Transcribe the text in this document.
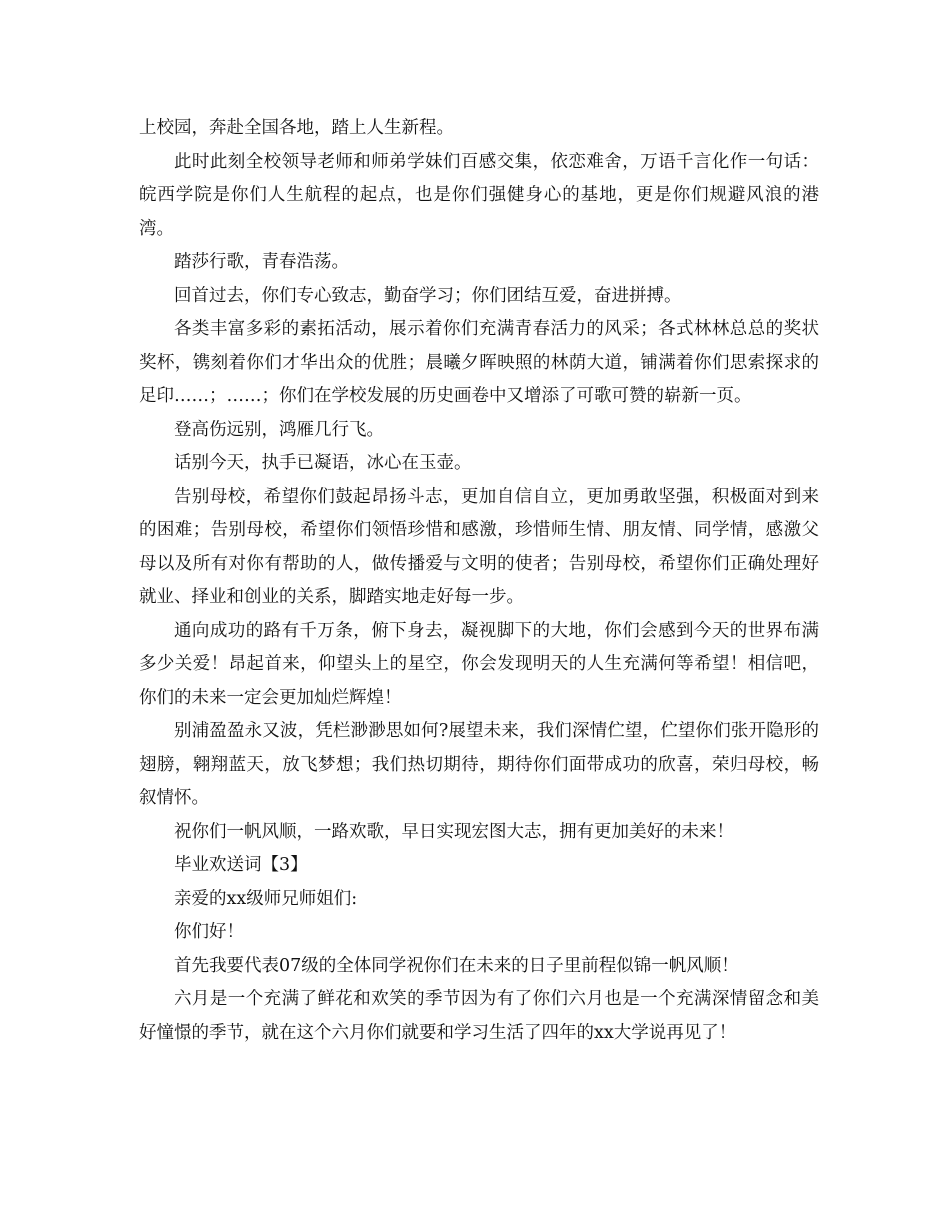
上校园，奔赴全国各地，踏上人生新程。

此时此刻全校领导老师和师弟学妹们百感交集，依恋难舍，万语千言化作一句话：皖西学院是你们人生航程的起点，也是你们强健身心的基地，更是你们规避风浪的港湾。

踏莎行歌，青春浩荡。

回首过去，你们专心致志，勤奋学习；你们团结互爱，奋进拼搏。

各类丰富多彩的素拓活动，展示着你们充满青春活力的风采；各式林林总总的奖状奖杯，镌刻着你们才华出众的优胜；晨曦夕晖映照的林荫大道，铺满着你们思索探求的足印……；……；你们在学校发展的历史画卷中又增添了可歌可赞的崭新一页。

登高伤远别，鸿雁几行飞。

话别今天，执手已凝语，冰心在玉壶。

告别母校，希望你们鼓起昂扬斗志，更加自信自立，更加勇敢坚强，积极面对到来的困难；告别母校，希望你们领悟珍惜和感激，珍惜师生情、朋友情、同学情，感激父母以及所有对你有帮助的人，做传播爱与文明的使者；告别母校，希望你们正确处理好就业、择业和创业的关系，脚踏实地走好每一步。

通向成功的路有千万条，俯下身去，凝视脚下的大地，你们会感到今天的世界布满多少关爱！昂起首来，仰望头上的星空，你会发现明天的人生充满何等希望！相信吧，你们的未来一定会更加灿烂辉煌！

别浦盈盈永又波，凭栏渺渺思如何?展望未来，我们深情伫望，伫望你们张开隐形的翅膀，翱翔蓝天，放飞梦想；我们热切期待，期待你们面带成功的欣喜，荣归母校，畅叙情怀。

祝你们一帆风顺，一路欢歌，早日实现宏图大志，拥有更加美好的未来！

毕业欢送词【3】

亲爱的xx级师兄师姐们:

你们好！

首先我要代表07级的全体同学祝你们在未来的日子里前程似锦一帆风顺！

六月是一个充满了鲜花和欢笑的季节因为有了你们六月也是一个充满深情留念和美好憧憬的季节，就在这个六月你们就要和学习生活了四年的xx大学说再见了！
